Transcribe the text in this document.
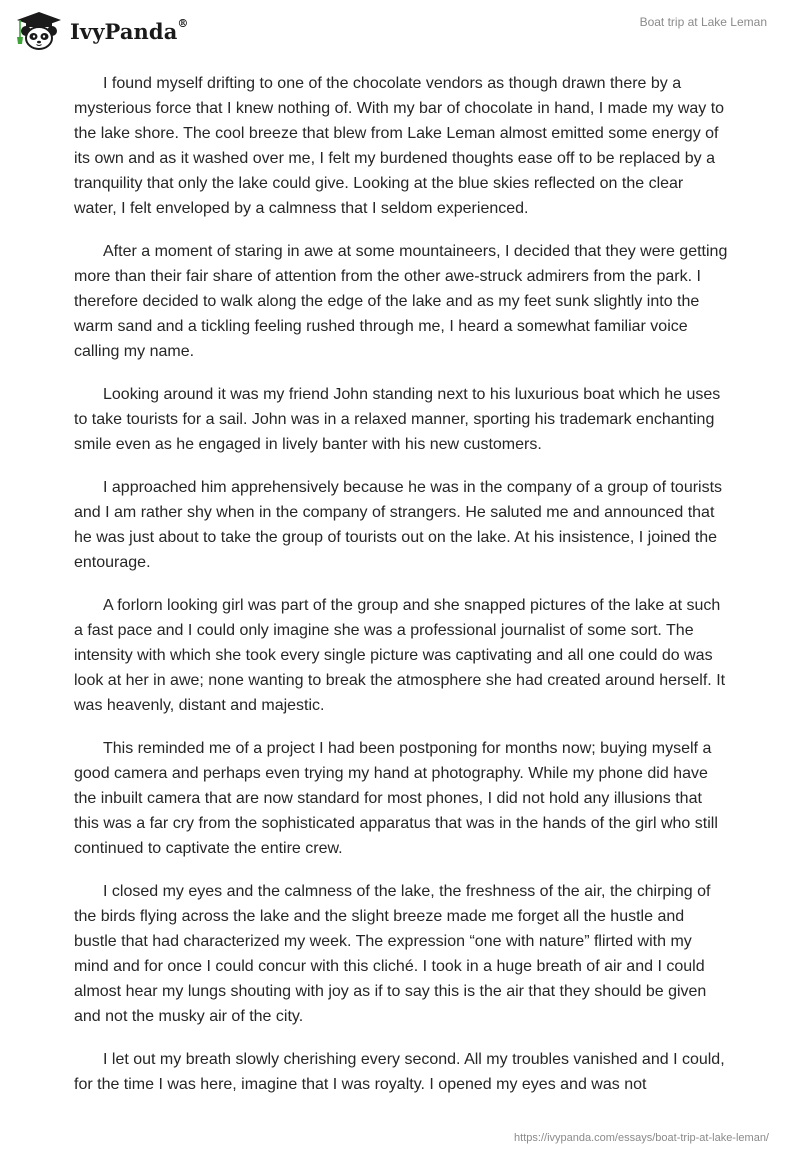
IvyPanda®	Boat trip at Lake Leman

I found myself drifting to one of the chocolate vendors as though drawn there by a mysterious force that I knew nothing of. With my bar of chocolate in hand, I made my way to the lake shore. The cool breeze that blew from Lake Leman almost emitted some energy of its own and as it washed over me, I felt my burdened thoughts ease off to be replaced by a tranquility that only the lake could give. Looking at the blue skies reflected on the clear water, I felt enveloped by a calmness that I seldom experienced.

After a moment of staring in awe at some mountaineers, I decided that they were getting more than their fair share of attention from the other awe-struck admirers from the park. I therefore decided to walk along the edge of the lake and as my feet sunk slightly into the warm sand and a tickling feeling rushed through me, I heard a somewhat familiar voice calling my name.

Looking around it was my friend John standing next to his luxurious boat which he uses to take tourists for a sail. John was in a relaxed manner, sporting his trademark enchanting smile even as he engaged in lively banter with his new customers.

I approached him apprehensively because he was in the company of a group of tourists and I am rather shy when in the company of strangers. He saluted me and announced that he was just about to take the group of tourists out on the lake. At his insistence, I joined the entourage.

A forlorn looking girl was part of the group and she snapped pictures of the lake at such a fast pace and I could only imagine she was a professional journalist of some sort. The intensity with which she took every single picture was captivating and all one could do was look at her in awe; none wanting to break the atmosphere she had created around herself. It was heavenly, distant and majestic.

This reminded me of a project I had been postponing for months now; buying myself a good camera and perhaps even trying my hand at photography. While my phone did have the inbuilt camera that are now standard for most phones, I did not hold any illusions that this was a far cry from the sophisticated apparatus that was in the hands of the girl who still continued to captivate the entire crew.

I closed my eyes and the calmness of the lake, the freshness of the air, the chirping of the birds flying across the lake and the slight breeze made me forget all the hustle and bustle that had characterized my week. The expression “one with nature” flirted with my mind and for once I could concur with this cliché. I took in a huge breath of air and I could almost hear my lungs shouting with joy as if to say this is the air that they should be given and not the musky air of the city.

I let out my breath slowly cherishing every second. All my troubles vanished and I could, for the time I was here, imagine that I was royalty. I opened my eyes and was not

https://ivypanda.com/essays/boat-trip-at-lake-leman/
